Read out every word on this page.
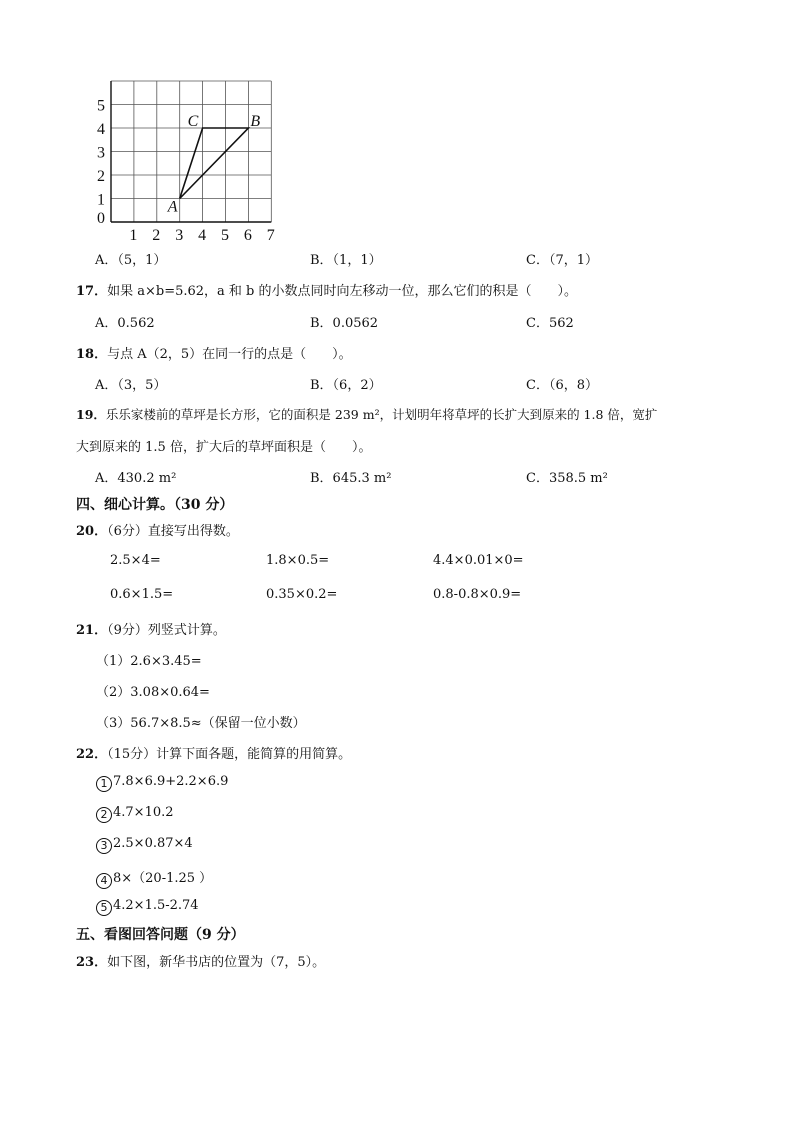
5
4
3
2
1
0
1 2 3 4 5 6 7
A
B
C
A．（5，1）	B．（1，1）	C．（7，1）
17．如果 a×b=5.62，a 和 b 的小数点同时向左移动一位，那么它们的积是（　　）。
A．0.562	B．0.0562	C．562
18．与点 A（2，5）在同一行的点是（　　）。
A．（3，5）	B．（6，2）	C．（6，8）
19．乐乐家楼前的草坪是长方形，它的面积是 239 m²，计划明年将草坪的长扩大到原来的 1.8 倍，宽扩
大到原来的 1.5 倍，扩大后的草坪面积是（　　）。
A．430.2 m²	B．645.3 m²	C．358.5 m²
四、细心计算。（30 分）
20．（6分）直接写出得数。
2.5×4=	1.8×0.5=	4.4×0.01×0=
0.6×1.5=	0.35×0.2=	0.8-0.8×0.9=
21．（9分）列竖式计算。
（1）2.6×3.45=
（2）3.08×0.64=
（3）56.7×8.5≈（保留一位小数）
22．（15分）计算下面各题，能简算的用简算。
1 7.8×6.9+2.2×6.9
2 4.7×10.2
3 2.5×0.87×4
4 8×（20-1.25 ）
5 4.2×1.5-2.74
五、看图回答问题（9 分）
23．如下图，新华书店的位置为（7，5）。
